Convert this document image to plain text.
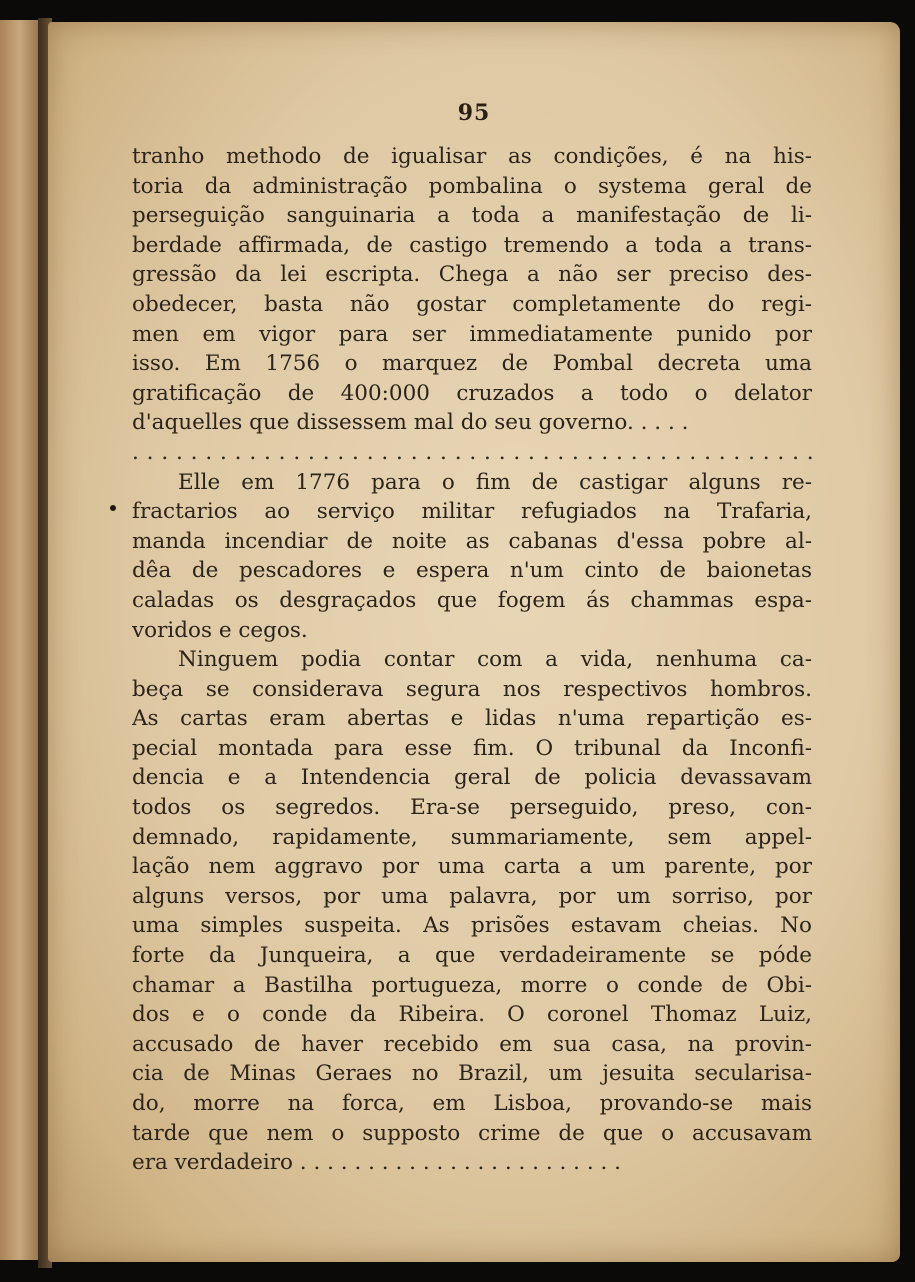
95
tranho methodo de igualisar as condições, é na his-
toria da administração pombalina o systema geral de
perseguição sanguinaria a toda a manifestação de li-
berdade affirmada, de castigo tremendo a toda a trans-
gressão da lei escripta. Chega a não ser preciso des-
obedecer, basta não gostar completamente do regi-
men em vigor para ser immediatamente punido por
isso. Em 1756 o marquez de Pombal decreta uma
gratificação de 400:000 cruzados a todo o delator
d'aquelles que dissessem mal do seu governo. . . . .
. . .
Elle em 1776 para o fim de castigar alguns re-
fractarios ao serviço militar refugiados na Trafaria,
manda incendiar de noite as cabanas d'essa pobre al-
dêa de pescadores e espera n'um cinto de baionetas
caladas os desgraçados que fogem ás chammas espa-
voridos e cegos.
Ninguem podia contar com a vida, nenhuma ca-
beça se considerava segura nos respectivos hombros.
As cartas eram abertas e lidas n'uma repartição es-
pecial montada para esse fim. O tribunal da Inconfi-
dencia e a Intendencia geral de policia devassavam
todos os segredos. Era-se perseguido, preso, con-
demnado, rapidamente, summariamente, sem appel-
lação nem aggravo por uma carta a um parente, por
alguns versos, por uma palavra, por um sorriso, por
uma simples suspeita. As prisões estavam cheias. No
forte da Junqueira, a que verdadeiramente se póde
chamar a Bastilha portugueza, morre o conde de Obi-
dos e o conde da Ribeira. O coronel Thomaz Luiz,
accusado de haver recebido em sua casa, na provin-
cia de Minas Geraes no Brazil, um jesuita secularisa-
do, morre na forca, em Lisboa, provando-se mais
tarde que nem o supposto crime de que o accusavam
era verdadeiro . . . . . . . . . . . . . . . . . . . . . . . .
